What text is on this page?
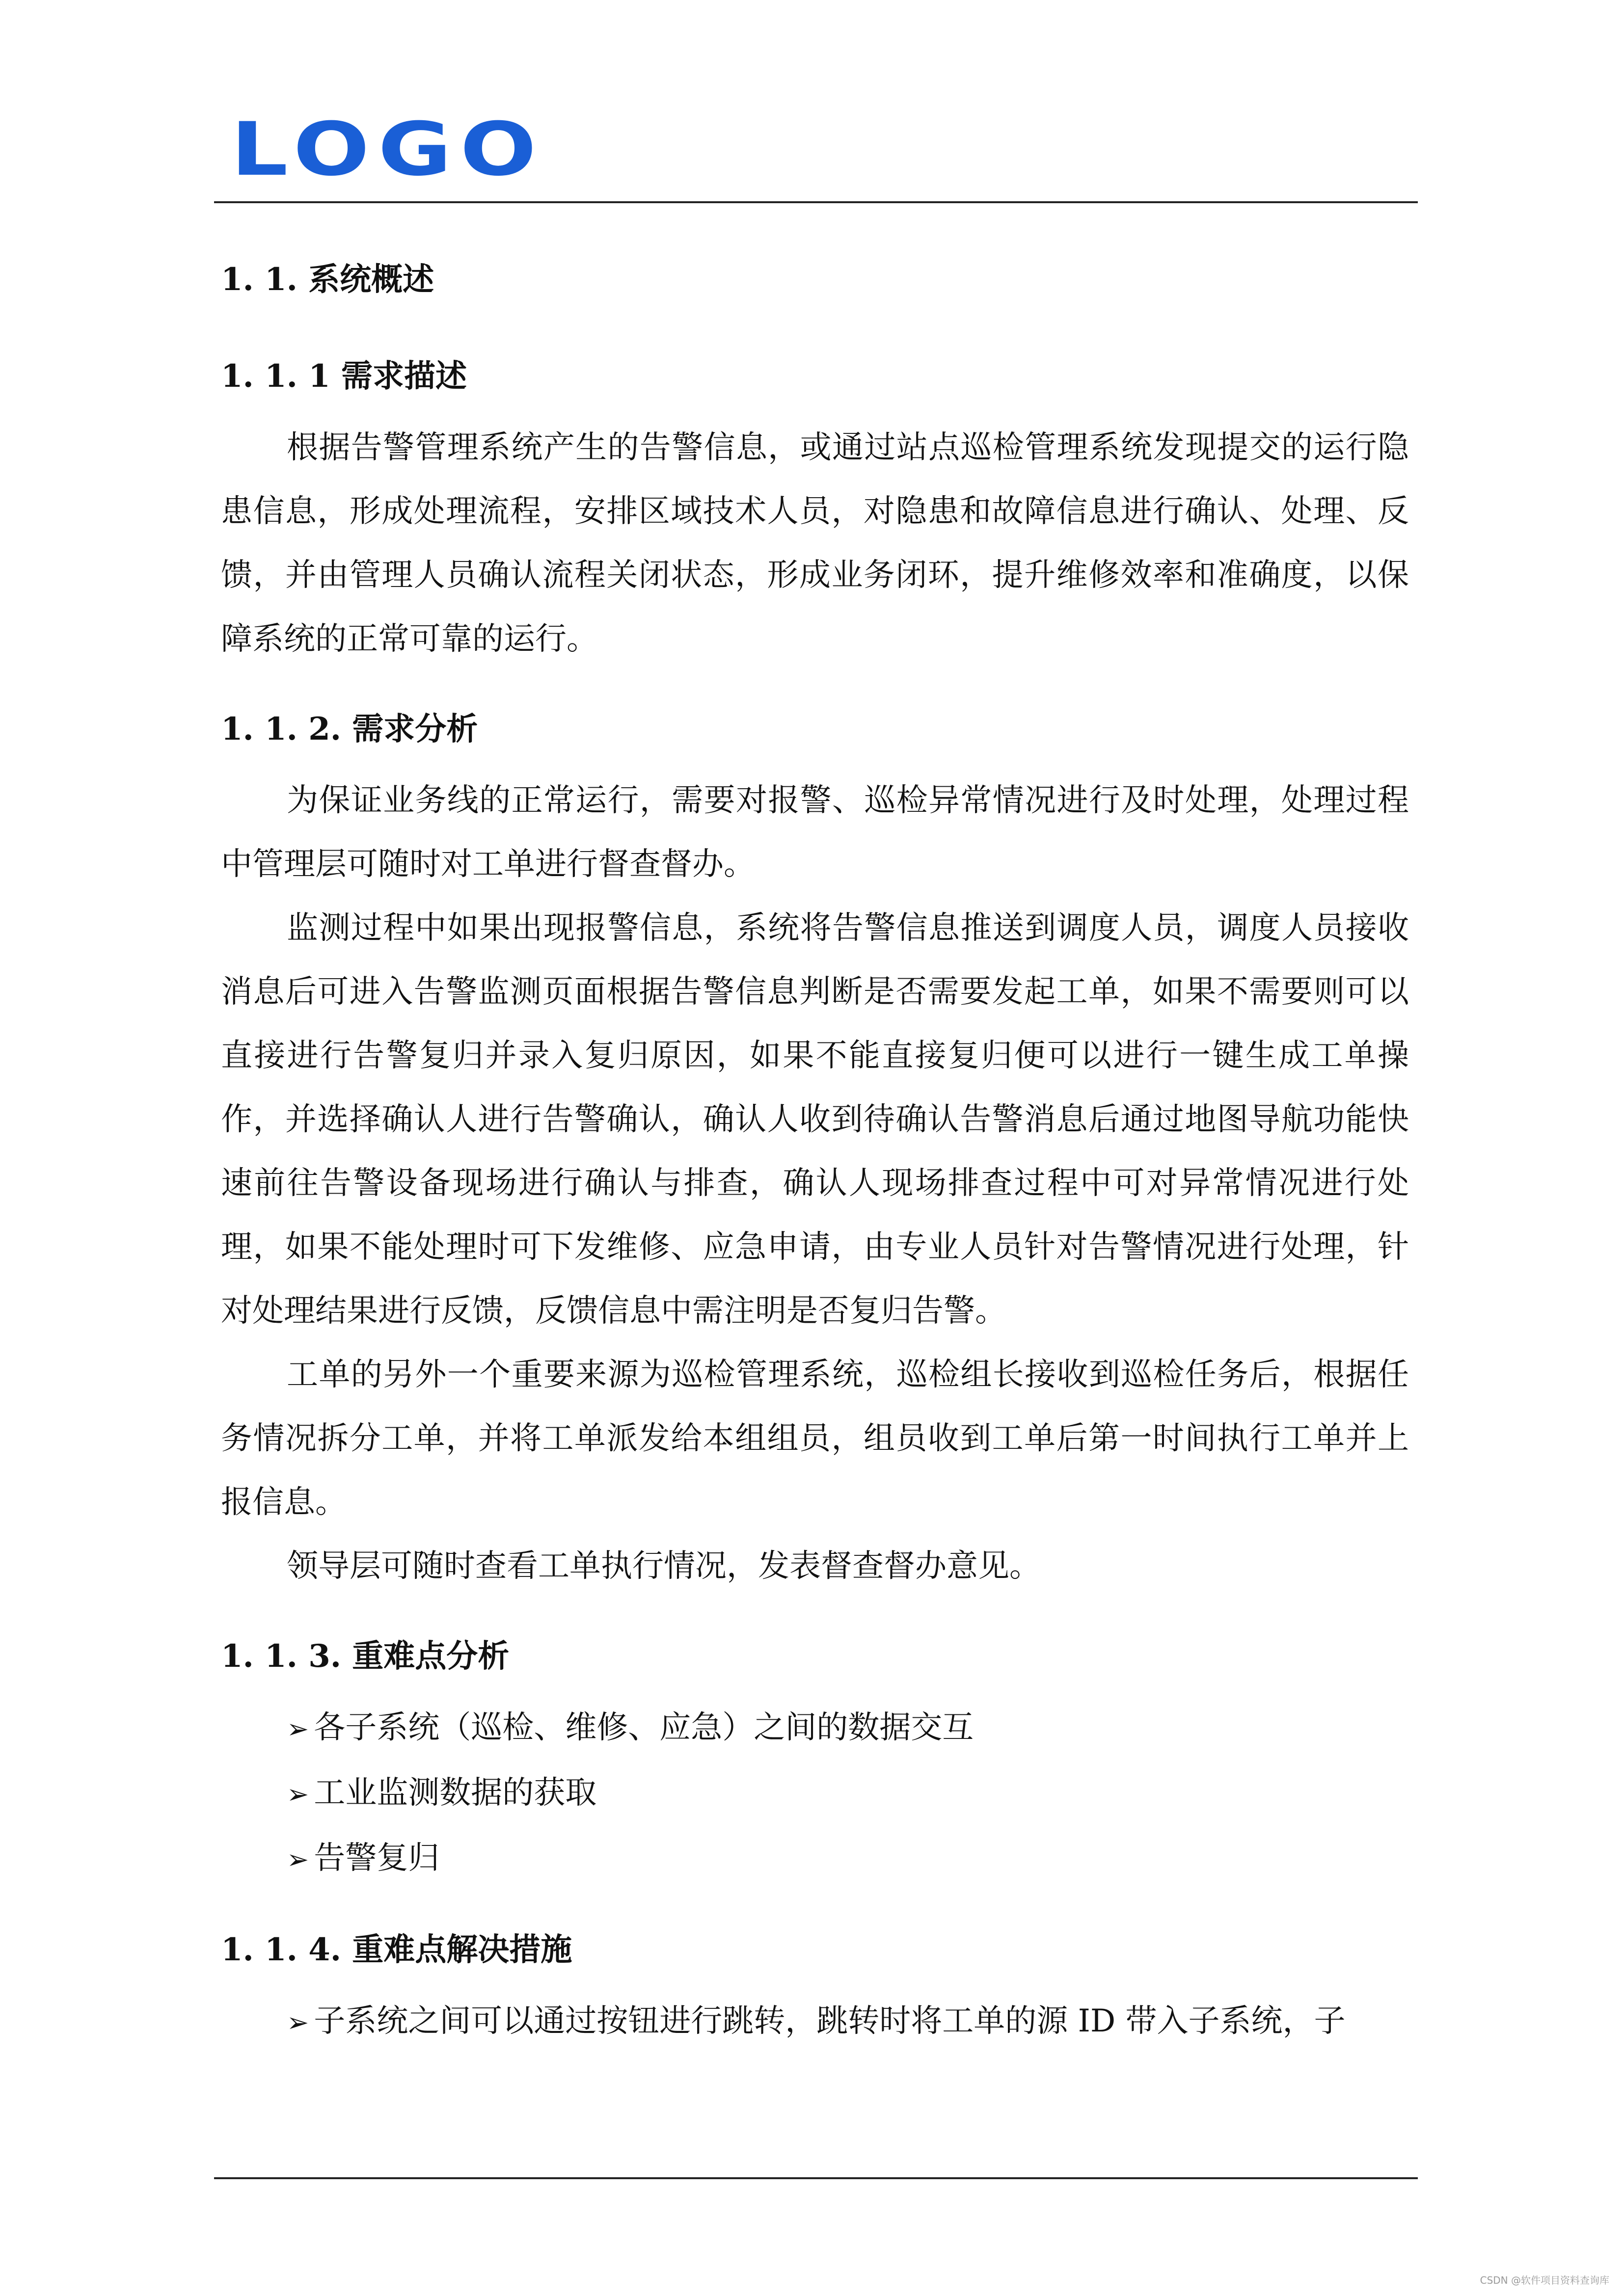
LOGO
1. 1. 系统概述
1. 1. 1 需求描述

根据告警管理系统产生的告警信息，或通过站点巡检管理系统发现提交的运行隐患信息，形成处理流程，安排区域技术人员，对隐患和故障信息进行确认、处理、反馈，并由管理人员确认流程关闭状态，形成业务闭环，提升维修效率和准确度，以保障系统的正常可靠的运行。

1. 1. 2. 需求分析

为保证业务线的正常运行，需要对报警、巡检异常情况进行及时处理，处理过程中管理层可随时对工单进行督查督办。

监测过程中如果出现报警信息，系统将告警信息推送到调度人员，调度人员接收消息后可进入告警监测页面根据告警信息判断是否需要发起工单，如果不需要则可以直接进行告警复归并录入复归原因，如果不能直接复归便可以进行一键生成工单操作，并选择确认人进行告警确认，确认人收到待确认告警消息后通过地图导航功能快速前往告警设备现场进行确认与排查，确认人现场排查过程中可对异常情况进行处理，如果不能处理时可下发维修、应急申请，由专业人员针对告警情况进行处理，针对处理结果进行反馈，反馈信息中需注明是否复归告警。

工单的另外一个重要来源为巡检管理系统，巡检组长接收到巡检任务后，根据任务情况拆分工单，并将工单派发给本组组员，组员收到工单后第一时间执行工单并上报信息。

领导层可随时查看工单执行情况，发表督查督办意见。

1. 1. 3. 重难点分析
➢ 各子系统（巡检、维修、应急）之间的数据交互
➢ 工业监测数据的获取
➢ 告警复归
1. 1. 4. 重难点解决措施
➢ 子系统之间可以通过按钮进行跳转，跳转时将工单的源 ID 带入子系统，子
CSDN @软件项目资料查询库
